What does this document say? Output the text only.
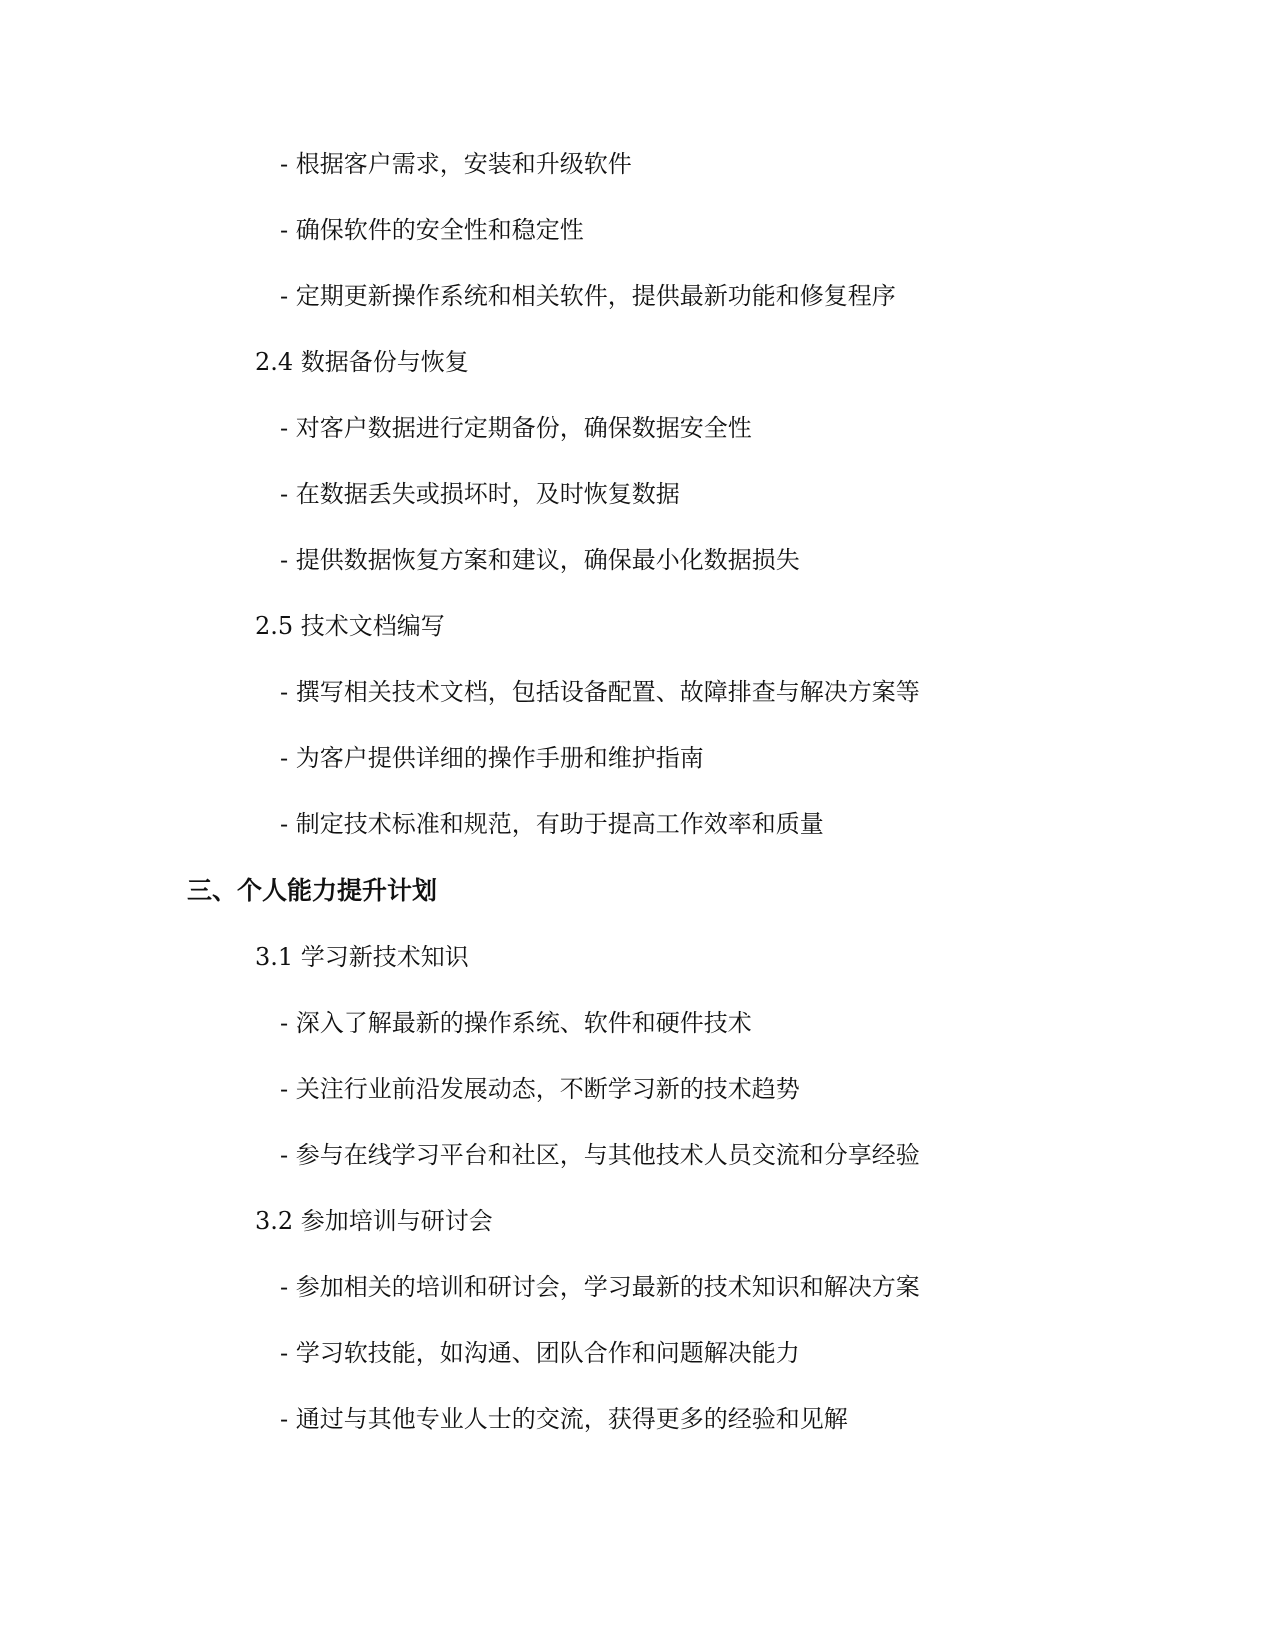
- 根据客户需求，安装和升级软件
- 确保软件的安全性和稳定性
- 定期更新操作系统和相关软件，提供最新功能和修复程序
2.4 数据备份与恢复
- 对客户数据进行定期备份，确保数据安全性
- 在数据丢失或损坏时，及时恢复数据
- 提供数据恢复方案和建议，确保最小化数据损失
2.5 技术文档编写
- 撰写相关技术文档，包括设备配置、故障排查与解决方案等
- 为客户提供详细的操作手册和维护指南
- 制定技术标准和规范，有助于提高工作效率和质量
三、个人能力提升计划
3.1 学习新技术知识
- 深入了解最新的操作系统、软件和硬件技术
- 关注行业前沿发展动态，不断学习新的技术趋势
- 参与在线学习平台和社区，与其他技术人员交流和分享经验
3.2 参加培训与研讨会
- 参加相关的培训和研讨会，学习最新的技术知识和解决方案
- 学习软技能，如沟通、团队合作和问题解决能力
- 通过与其他专业人士的交流，获得更多的经验和见解
